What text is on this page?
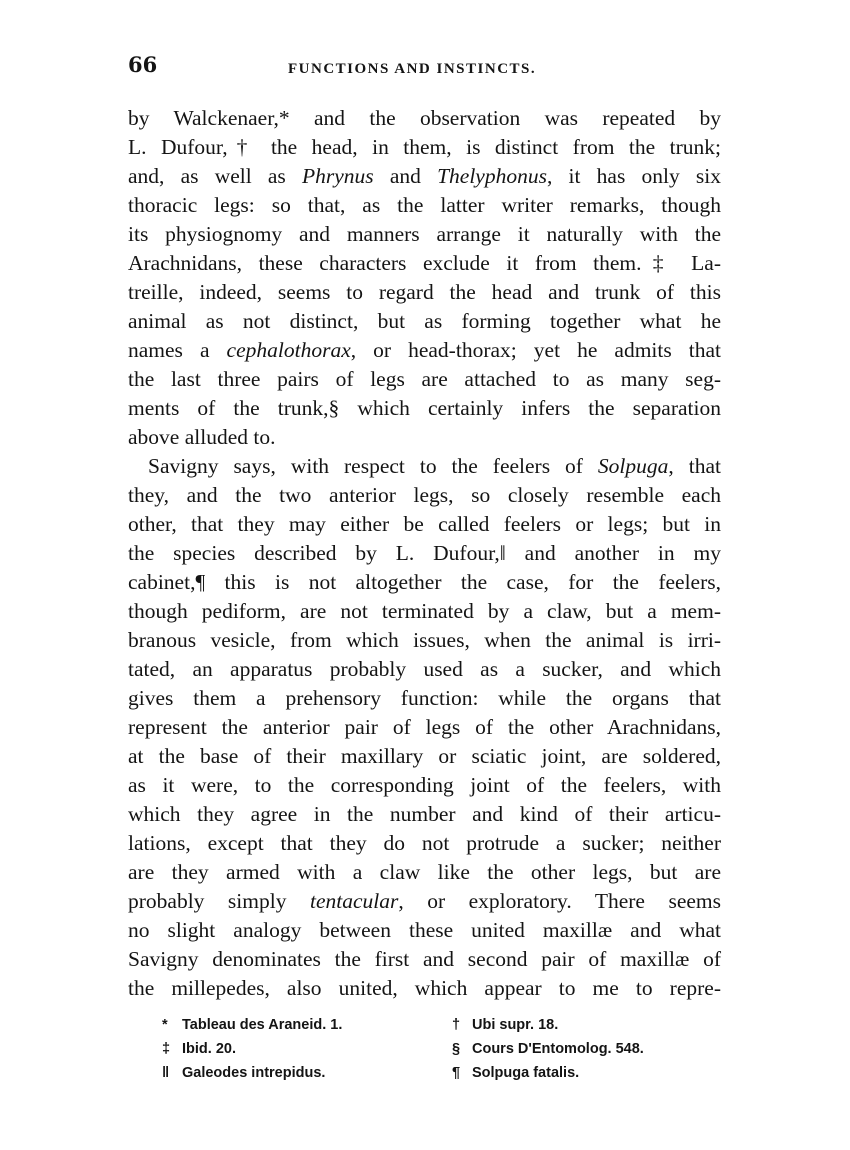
66	FUNCTIONS AND INSTINCTS.
by Walckenaer,* and the observation was repeated by
L. Dufour,† the head, in them, is distinct from the trunk;
and, as well as Phrynus and Thelyphonus, it has only six
thoracic legs: so that, as the latter writer remarks, though
its physiognomy and manners arrange it naturally with the
Arachnidans, these characters exclude it from them.‡ La-
treille, indeed, seems to regard the head and trunk of this
animal as not distinct, but as forming together what he
names a cephalothorax, or head-thorax; yet he admits that
the last three pairs of legs are attached to as many seg-
ments of the trunk,§ which certainly infers the separation
above alluded to.
Savigny says, with respect to the feelers of Solpuga, that
they, and the two anterior legs, so closely resemble each
other, that they may either be called feelers or legs; but in
the species described by L. Dufour,‖ and another in my
cabinet,¶ this is not altogether the case, for the feelers,
though pediform, are not terminated by a claw, but a mem-
branous vesicle, from which issues, when the animal is irri-
tated, an apparatus probably used as a sucker, and which
gives them a prehensory function: while the organs that
represent the anterior pair of legs of the other Arachnidans,
at the base of their maxillary or sciatic joint, are soldered,
as it were, to the corresponding joint of the feelers, with
which they agree in the number and kind of their articu-
lations, except that they do not protrude a sucker; neither
are they armed with a claw like the other legs, but are
probably simply tentacular, or exploratory. There seems
no slight analogy between these united maxillæ and what
Savigny denominates the first and second pair of maxillæ of
the millepedes, also united, which appear to me to repre-
* Tableau des Araneid. 1.	† Ubi supr. 18.
‡ Ibid. 20.	§ Cours D'Entomolog. 548.
‖ Galeodes intrepidus.	¶ Solpuga fatalis.
